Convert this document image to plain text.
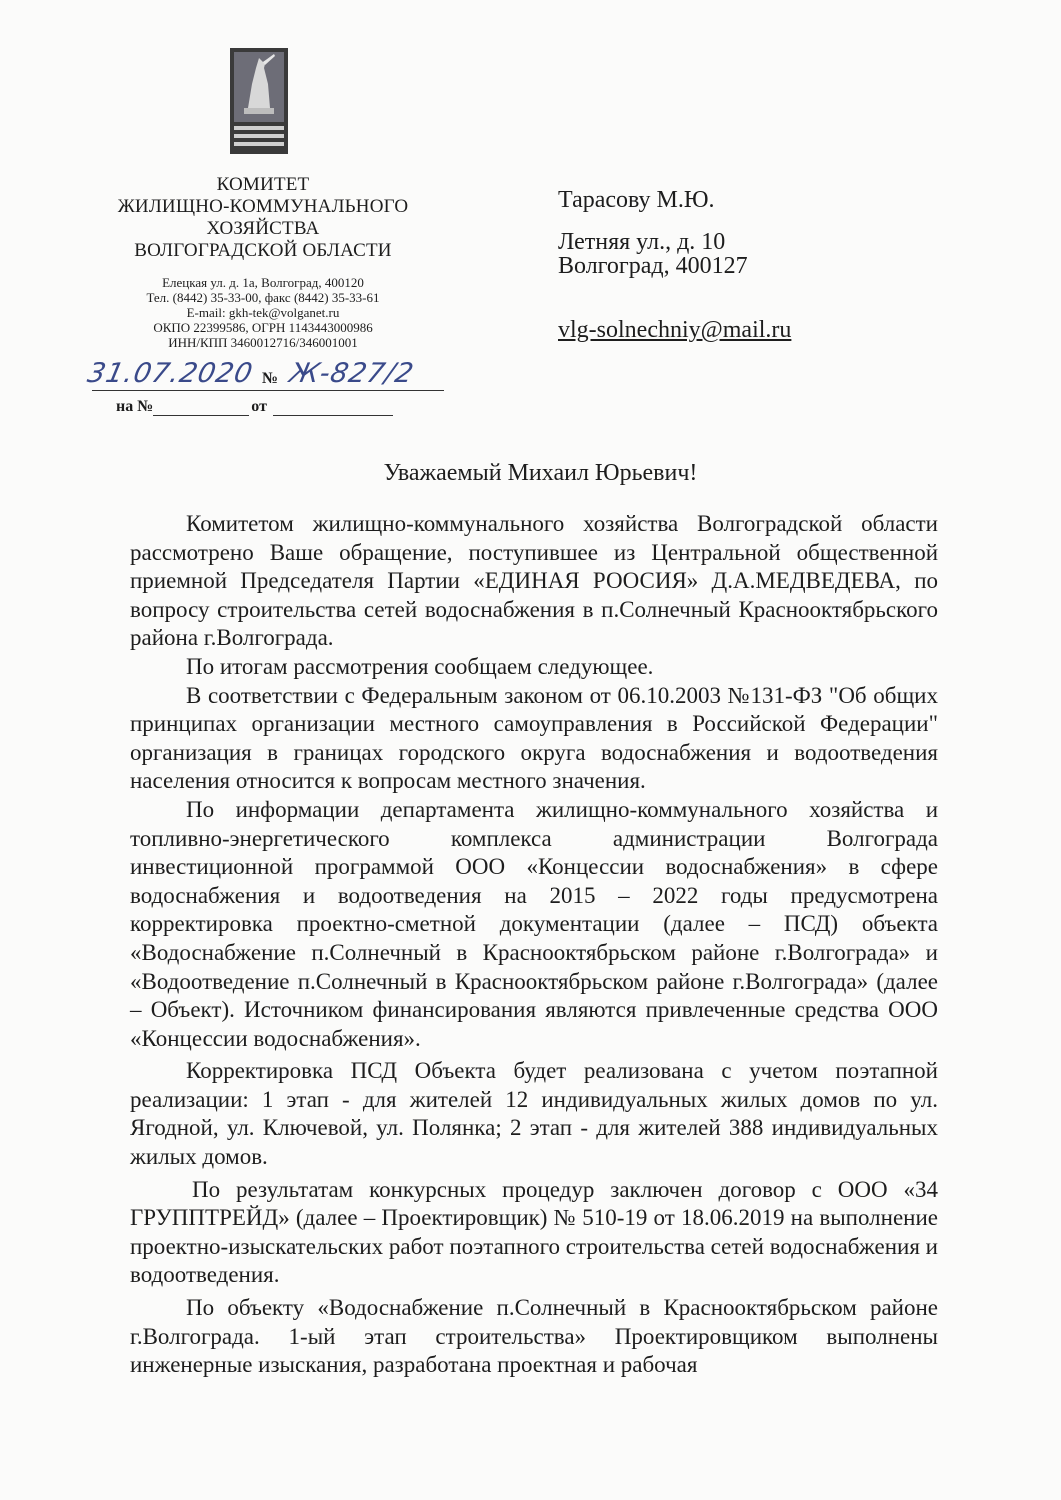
КОМИТЕТ
ЖИЛИЩНО-КОММУНАЛЬНОГО
ХОЗЯЙСТВА
ВОЛГОГРАДСКОЙ ОБЛАСТИ
Елецкая ул. д. 1а, Волгоград, 400120
Тел. (8442) 35-33-00, факс (8442) 35-33-61
E-mail: gkh-tek@volganet.ru
ОКПО 22399586, ОГРН 1143443000986
ИНН/КПП 3460012716/346001001
31.07.2020 № Ж-827/2
на №	от
Тарасову М.Ю.
Летняя ул., д. 10
Волгоград, 400127
vlg-solnechniy@mail.ru
Уважаемый Михаил Юрьевич!

Комитетом жилищно-коммунального хозяйства Волгоградской области рассмотрено Ваше обращение, поступившее из Центральной общественной приемной Председателя Партии «ЕДИНАЯ РООСИЯ» Д.А.МЕДВЕДЕВА, по вопросу строительства сетей водоснабжения в п.Солнечный Краснооктябрьского района г.Волгограда.

По итогам рассмотрения сообщаем следующее.

В соответствии с Федеральным законом от 06.10.2003 №131-ФЗ "Об общих принципах организации местного самоуправления в Российской Федерации" организация в границах городского округа водоснабжения и водоотведения населения относится к вопросам местного значения.

По информации департамента жилищно-коммунального хозяйства и топливно-энергетического комплекса администрации Волгограда инвестиционной программой ООО «Концессии водоснабжения» в сфере водоснабжения и водоотведения на 2015 – 2022 годы предусмотрена корректировка проектно-сметной документации (далее – ПСД) объекта «Водоснабжение п.Солнечный в Краснооктябрьском районе г.Волгограда» и «Водоотведение п.Солнечный в Краснооктябрьском районе г.Волгограда» (далее – Объект). Источником финансирования являются привлеченные средства ООО «Концессии водоснабжения».

Корректировка ПСД Объекта будет реализована с учетом поэтапной реализации: 1 этап - для жителей 12 индивидуальных жилых домов по ул. Ягодной, ул. Ключевой, ул. Полянка; 2 этап - для жителей 388 индивидуальных жилых домов.

По результатам конкурсных процедур заключен договор с ООО «34 ГРУППТРЕЙД» (далее – Проектировщик) № 510-19 от 18.06.2019 на выполнение проектно-изыскательских работ поэтапного строительства сетей водоснабжения и водоотведения.

По объекту «Водоснабжение п.Солнечный в Краснооктябрьском районе г.Волгограда. 1-ый этап строительства» Проектировщиком выполнены инженерные изыскания, разработана проектная и рабочая
